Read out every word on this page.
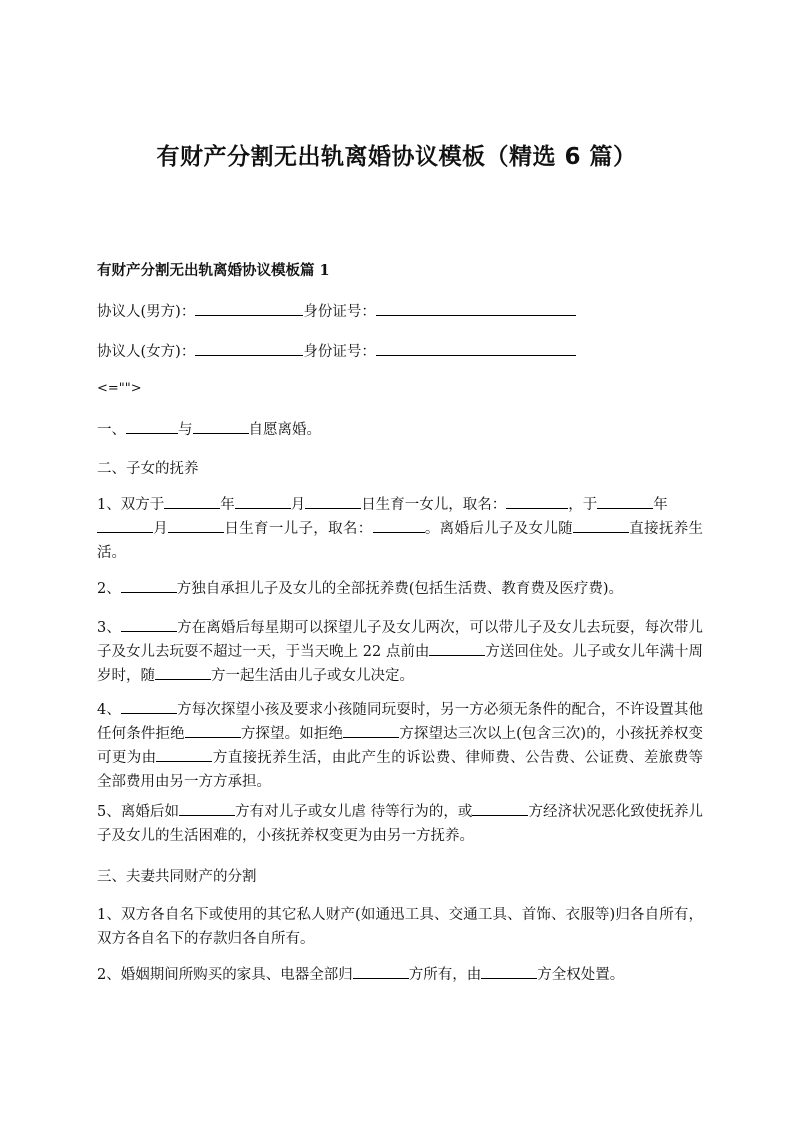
有财产分割无出轨离婚协议模板（精选 6 篇）
有财产分割无出轨离婚协议模板篇 1
协议人(男方)：	身份证号：
协议人(女方)：	身份证号：
<="">
一、	与	自愿离婚。
二、子女的抚养
1、双方于	年	月	日生育一女儿，取名：	，于	年
月	日生育一儿子，取名：	。离婚后儿子及女儿随	直接抚养生活。
2、	方独自承担儿子及女儿的全部抚养费(包括生活费、教育费及医疗费)。
3、	方在离婚后每星期可以探望儿子及女儿两次，可以带儿子及女儿去玩耍，每次带儿子及女儿去玩耍不超过一天，于当天晚上 22 点前由	方送回住处。儿子或女儿年满十周岁时，随	方一起生活由儿子或女儿决定。
4、	方每次探望小孩及要求小孩随同玩耍时，另一方必须无条件的配合，不许设置其他任何条件拒绝	方探望。如拒绝	方探望达三次以上(包含三次)的，小孩抚养权变可更为由	方直接抚养生活，由此产生的诉讼费、律师费、公告费、公证费、差旅费等全部费用由另一方方承担。
5、离婚后如	方有对儿子或女儿虐 待等行为的，或	方经济状况恶化致使抚养儿子及女儿的生活困难的，小孩抚养权变更为由另一方抚养。
三、夫妻共同财产的分割
1、双方各自名下或使用的其它私人财产(如通迅工具、交通工具、首饰、衣服等)归各自所有，双方各自名下的存款归各自所有。
2、婚姻期间所购买的家具、电器全部归	方所有，由	方全权处置。
